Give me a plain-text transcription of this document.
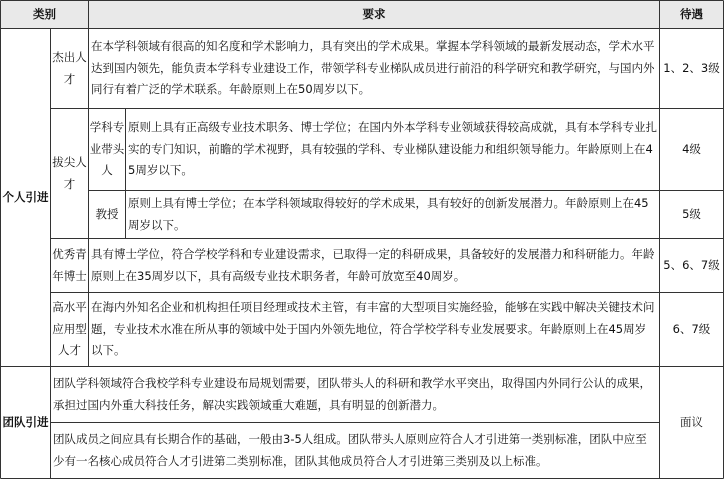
类别	要求	待遇
个人引进
杰出人才
在本学科领域有很高的知名度和学术影响力，具有突出的学术成果。掌握本学科领域的最新发展动态，学术水平达到国内领先，能负责本学科专业建设工作，带领学科专业梯队成员进行前沿的科学研究和教学研究，与国内外同行有着广泛的学术联系。年龄原则上在50周岁以下。
1、2、3级
拔尖人才
学科专业带头人
原则上具有正高级专业技术职务、博士学位；在国内外本学科专业领域获得较高成就，具有本学科专业扎实的专门知识，前瞻的学术视野，具有较强的学科、专业梯队建设能力和组织领导能力。年龄原则上在45周岁以下。
4级
教授
原则上具有博士学位；在本学科领域取得较好的学术成果，具有较好的创新发展潜力。年龄原则上在45周岁以下。
5级
优秀青年博士
具有博士学位，符合学校学科和专业建设需求，已取得一定的科研成果，具备较好的发展潜力和科研能力。年龄原则上在35周岁以下，具有高级专业技术职务者，年龄可放宽至40周岁。
5、6、7级
高水平应用型人才
在海内外知名企业和机构担任项目经理或技术主管，有丰富的大型项目实施经验，能够在实践中解决关键技术问题，专业技术水准在所从事的领域中处于国内外领先地位，符合学校学科专业发展要求。年龄原则上在45周岁以下。
6、7级
团队引进
团队学科领域符合我校学科专业建设布局规划需要，团队带头人的科研和教学水平突出，取得国内外同行公认的成果，承担过国内外重大科技任务，解决实践领域重大难题，具有明显的创新潜力。
团队成员之间应具有长期合作的基础，一般由3-5人组成。团队带头人原则应符合人才引进第一类别标准，团队中应至少有一名核心成员符合人才引进第二类别标准，团队其他成员符合人才引进第三类别及以上标准。
面议
